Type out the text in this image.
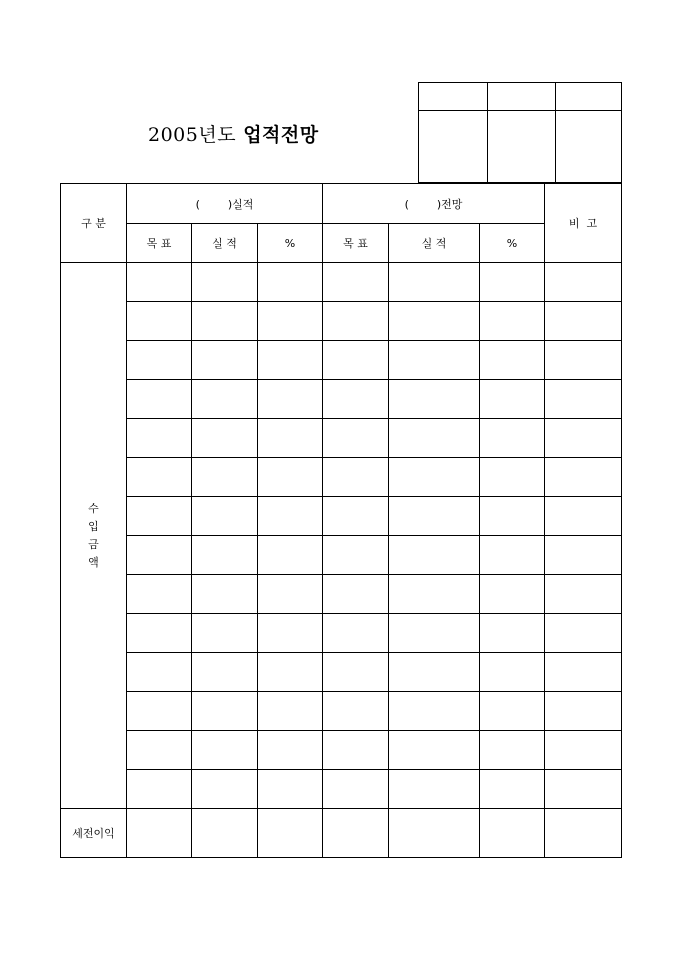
2005년도 업적전망

구 분	(        )실적			(        )전망			비  고
	목 표	실 적	%	목 표	실 적	%	

수
입
금
액							

세전이익							
